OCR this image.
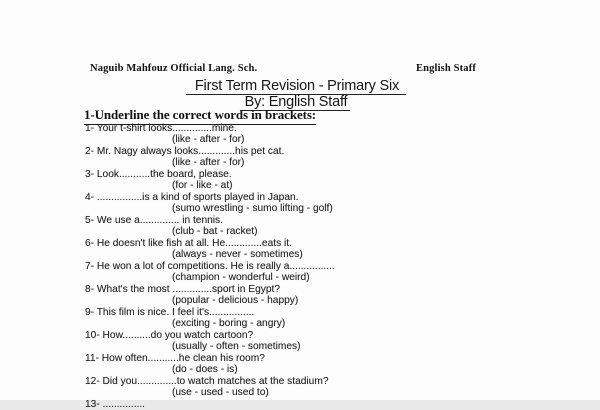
Naguib Mahfouz Official Lang. Sch.	English Staff
First Term Revision - Primary Six
By: English Staff
1-Underline the correct words in brackets:
1- Your t-shirt looks..............mine.
(like - after - for)
2- Mr. Nagy always looks.............his pet cat.
(like - after - for)
3- Look...........the board, please.
(for - like - at)
4- ................is a kind of sports played in Japan.
(sumo wrestling - sumo lifting - golf)
5- We use a.............. in tennis.
(club - bat - racket)
6- He doesn't like fish at all. He.............eats it.
(always - never - sometimes)
7- He won a lot of competitions. He is really a................
(champion - wonderful - weird)
8- What's the most ..............sport in Egypt?
(popular - delicious - happy)
9- This film is nice. I feel it's................
(exciting - boring - angry)
10- How..........do you watch cartoon?
(usually - often - sometimes)
11- How often...........he clean his room?
(do - does - is)
12- Did you..............to watch matches at the stadium?
(use - used - used to)
13- ...............
